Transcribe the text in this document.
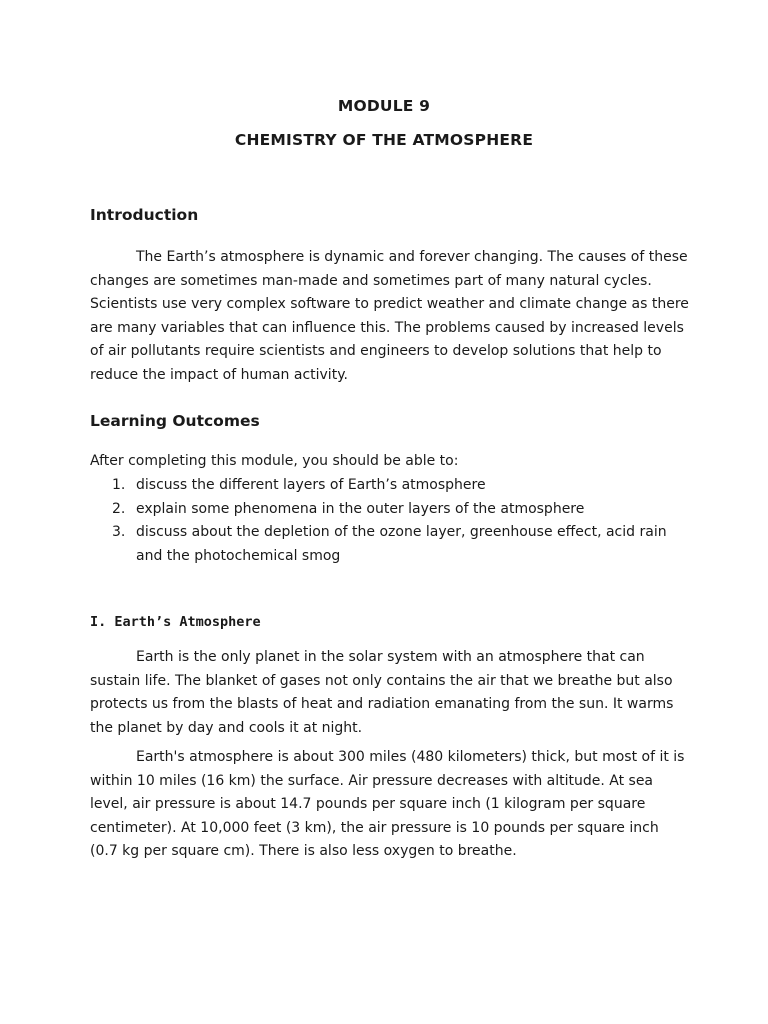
MODULE 9
CHEMISTRY OF THE ATMOSPHERE
Introduction

The Earth’s atmosphere is dynamic and forever changing. The causes of these changes are sometimes man-made and sometimes part of many natural cycles. Scientists use very complex software to predict weather and climate change as there are many variables that can influence this. The problems caused by increased levels of air pollutants require scientists and engineers to develop solutions that help to reduce the impact of human activity.

Learning Outcomes
After completing this module, you should be able to:
1. discuss the different layers of Earth’s atmosphere
2. explain some phenomena in the outer layers of the atmosphere
3. discuss about the depletion of the ozone layer, greenhouse effect, acid rain and the photochemical smog
I. Earth’s Atmosphere

Earth is the only planet in the solar system with an atmosphere that can sustain life. The blanket of gases not only contains the air that we breathe but also protects us from the blasts of heat and radiation emanating from the sun. It warms the planet by day and cools it at night.

Earth's atmosphere is about 300 miles (480 kilometers) thick, but most of it is within 10 miles (16 km) the surface. Air pressure decreases with altitude. At sea level, air pressure is about 14.7 pounds per square inch (1 kilogram per square centimeter). At 10,000 feet (3 km), the air pressure is 10 pounds per square inch (0.7 kg per square cm). There is also less oxygen to breathe.
